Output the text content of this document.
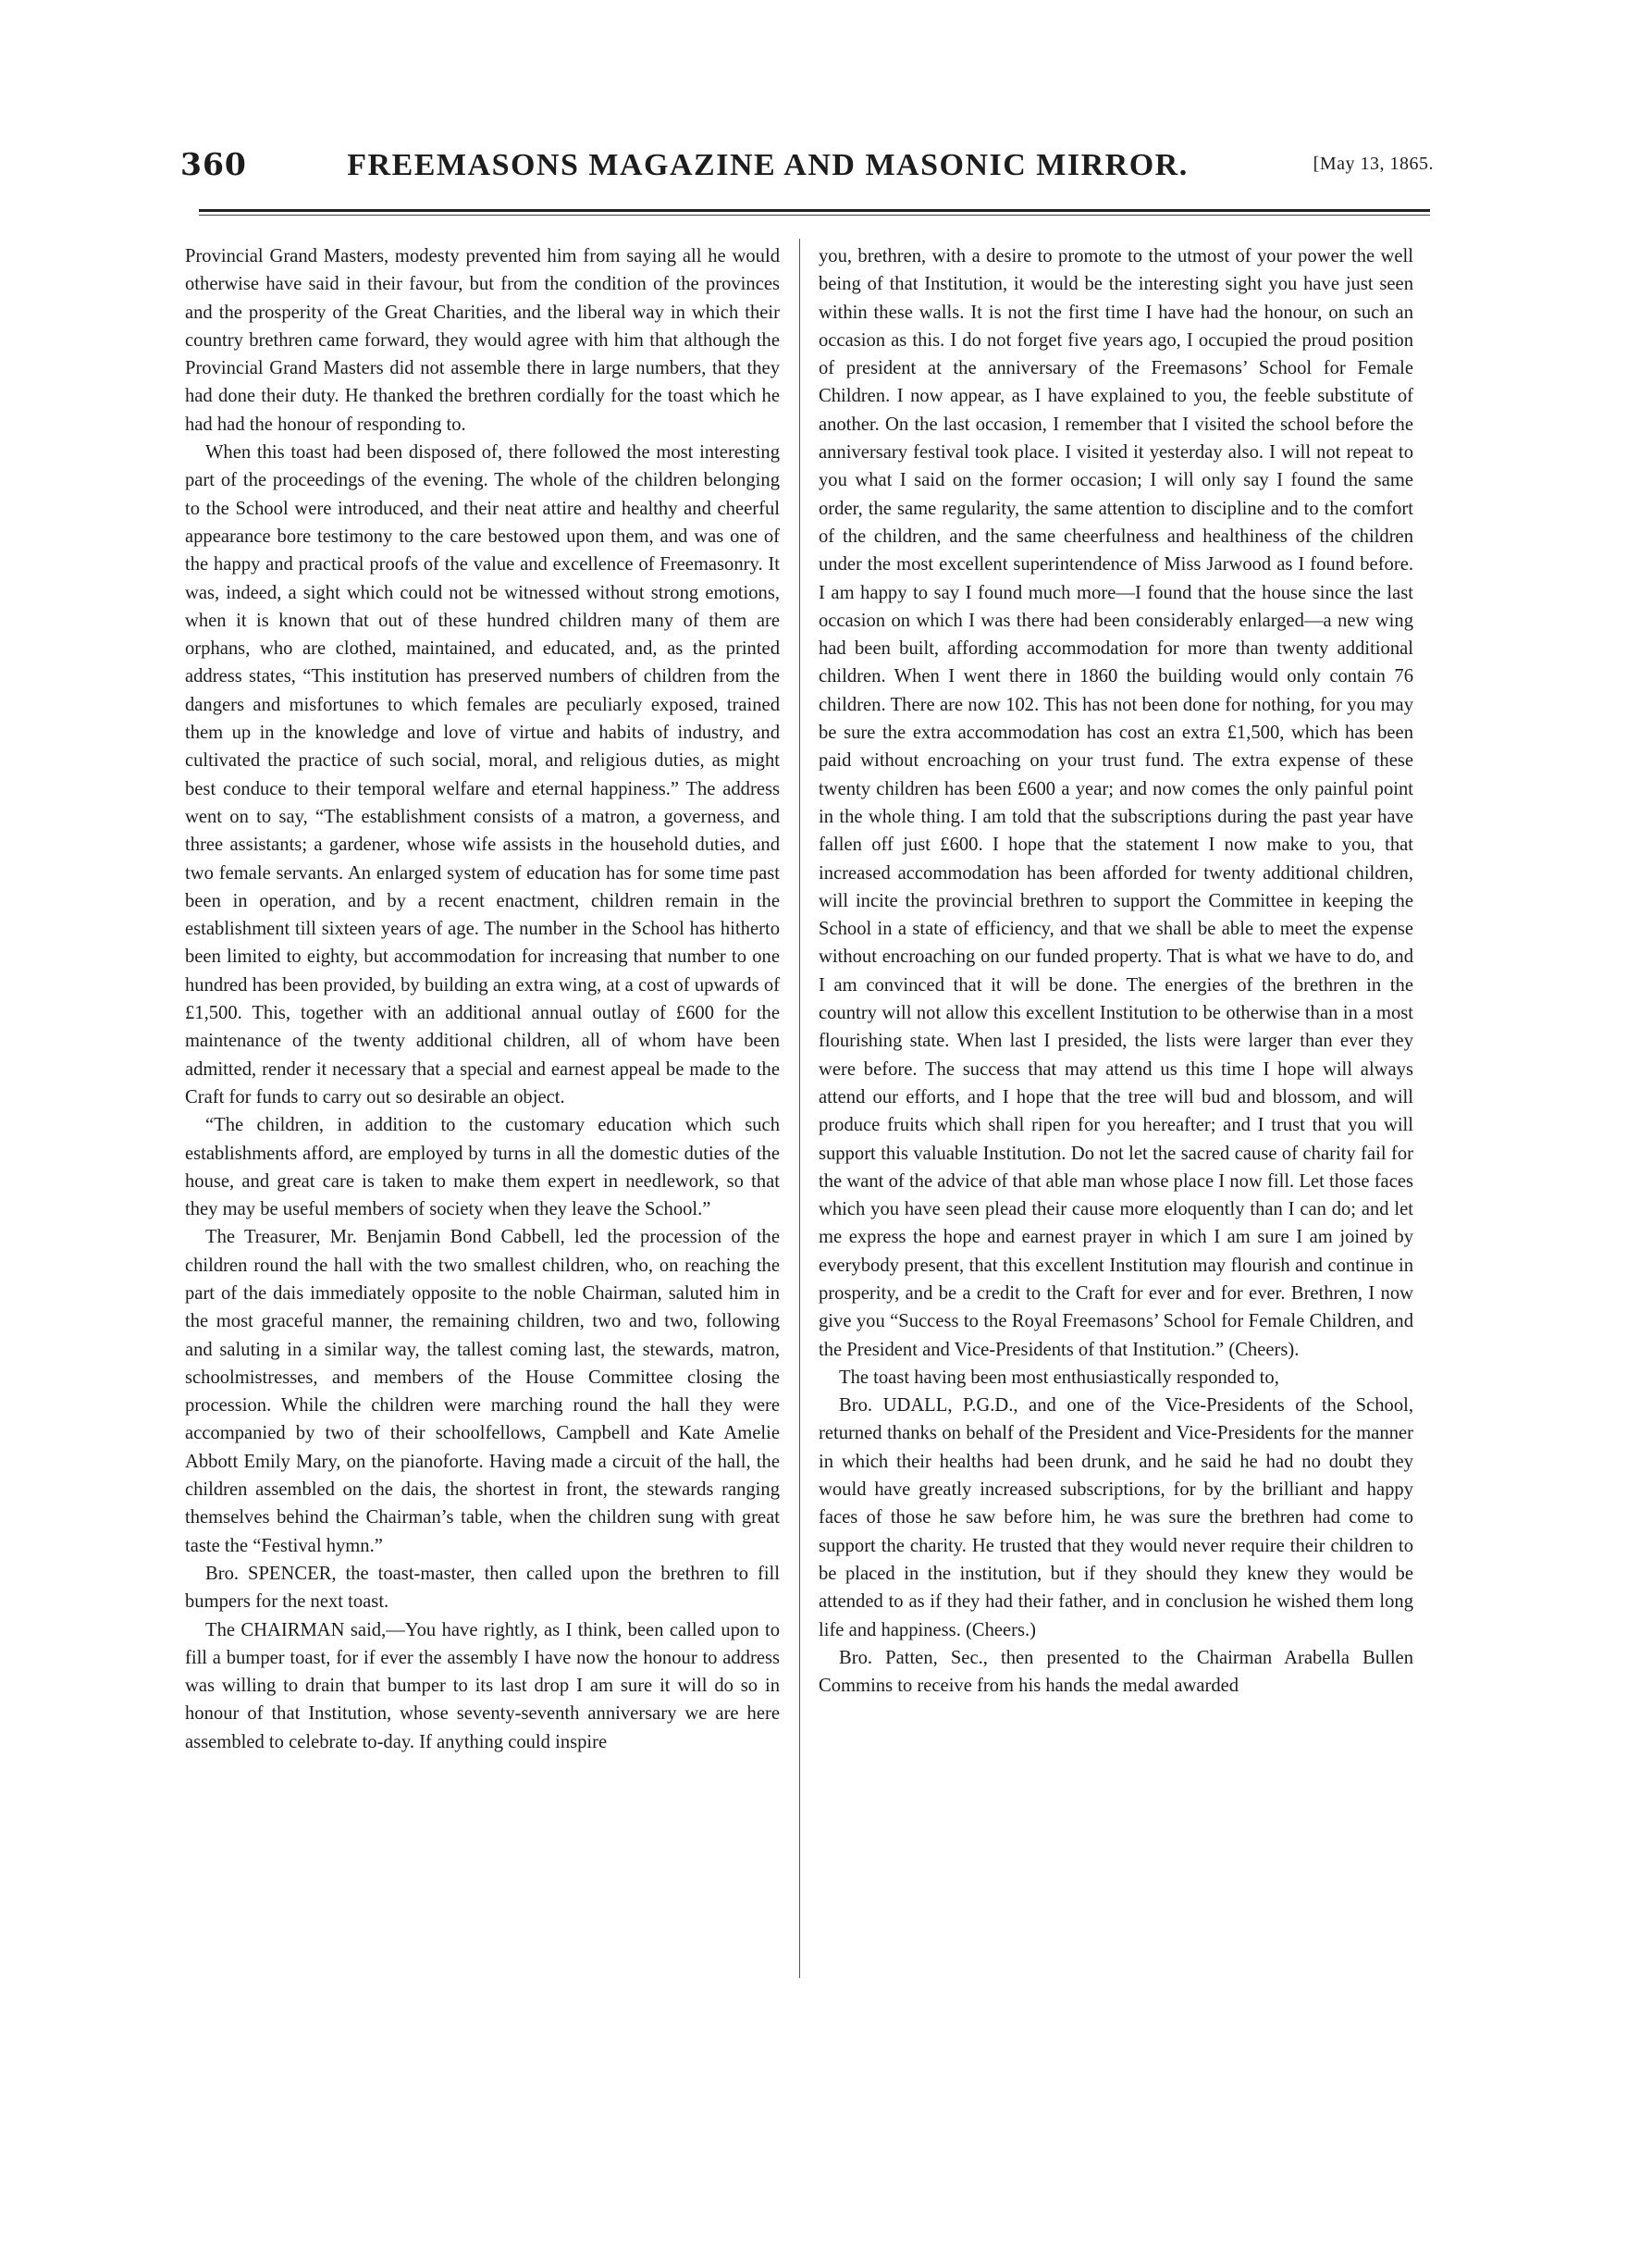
360	FREEMASONS MAGAZINE AND MASONIC MIRROR.	[May 13, 1865.

Provincial Grand Masters, modesty prevented him from saying all he would otherwise have said in their favour, but from the condition of the provinces and the prosperity of the Great Charities, and the liberal way in which their country brethren came forward, they would agree with him that although the Provincial Grand Masters did not assemble there in large numbers, that they had done their duty. He thanked the brethren cordially for the toast which he had had the honour of responding to.

When this toast had been disposed of, there followed the most interesting part of the proceedings of the evening. The whole of the children belonging to the School were introduced, and their neat attire and healthy and cheerful appearance bore testimony to the care bestowed upon them, and was one of the happy and practical proofs of the value and excellence of Freemasonry. It was, indeed, a sight which could not be witnessed without strong emotions, when it is known that out of these hundred children many of them are orphans, who are clothed, maintained, and educated, and, as the printed address states, “This institution has preserved numbers of children from the dangers and misfortunes to which females are peculiarly exposed, trained them up in the knowledge and love of virtue and habits of industry, and cultivated the practice of such social, moral, and religious duties, as might best conduce to their temporal welfare and eternal happiness.” The address went on to say, “The establishment consists of a matron, a governess, and three assistants; a gardener, whose wife assists in the household duties, and two female servants. An enlarged system of education has for some time past been in operation, and by a recent enactment, children remain in the establishment till sixteen years of age. The number in the School has hitherto been limited to eighty, but accommodation for increasing that number to one hundred has been provided, by building an extra wing, at a cost of upwards of £1,500. This, together with an additional annual outlay of £600 for the maintenance of the twenty additional children, all of whom have been admitted, render it necessary that a special and earnest appeal be made to the Craft for funds to carry out so desirable an object.

“The children, in addition to the customary education which such establishments afford, are employed by turns in all the domestic duties of the house, and great care is taken to make them expert in needlework, so that they may be useful members of society when they leave the School.”

The Treasurer, Mr. Benjamin Bond Cabbell, led the procession of the children round the hall with the two smallest children, who, on reaching the part of the dais immediately opposite to the noble Chairman, saluted him in the most graceful manner, the remaining children, two and two, following and saluting in a similar way, the tallest coming last, the stewards, matron, schoolmistresses, and members of the House Committee closing the procession. While the children were marching round the hall they were accompanied by two of their schoolfellows, Campbell and Kate Amelie Abbott Emily Mary, on the pianoforte. Having made a circuit of the hall, the children assembled on the dais, the shortest in front, the stewards ranging themselves behind the Chairman’s table, when the children sung with great taste the “Festival hymn.”

Bro. SPENCER, the toast-master, then called upon the brethren to fill bumpers for the next toast.

The CHAIRMAN said,—You have rightly, as I think, been called upon to fill a bumper toast, for if ever the assembly I have now the honour to address was willing to drain that bumper to its last drop I am sure it will do so in honour of that Institution, whose seventy-seventh anniversary we are here assembled to celebrate to-day. If anything could inspire

you, brethren, with a desire to promote to the utmost of your power the well being of that Institution, it would be the interesting sight you have just seen within these walls. It is not the first time I have had the honour, on such an occasion as this. I do not forget five years ago, I occupied the proud position of president at the anniversary of the Freemasons’ School for Female Children. I now appear, as I have explained to you, the feeble substitute of another. On the last occasion, I remember that I visited the school before the anniversary festival took place. I visited it yesterday also. I will not repeat to you what I said on the former occasion; I will only say I found the same order, the same regularity, the same attention to discipline and to the comfort of the children, and the same cheerfulness and healthiness of the children under the most excellent superintendence of Miss Jarwood as I found before. I am happy to say I found much more—I found that the house since the last occasion on which I was there had been considerably enlarged—a new wing had been built, affording accommodation for more than twenty additional children. When I went there in 1860 the building would only contain 76 children. There are now 102. This has not been done for nothing, for you may be sure the extra accommodation has cost an extra £1,500, which has been paid without encroaching on your trust fund. The extra expense of these twenty children has been £600 a year; and now comes the only painful point in the whole thing. I am told that the subscriptions during the past year have fallen off just £600. I hope that the statement I now make to you, that increased accommodation has been afforded for twenty additional children, will incite the provincial brethren to support the Committee in keeping the School in a state of efficiency, and that we shall be able to meet the expense without encroaching on our funded property. That is what we have to do, and I am convinced that it will be done. The energies of the brethren in the country will not allow this excellent Institution to be otherwise than in a most flourishing state. When last I presided, the lists were larger than ever they were before. The success that may attend us this time I hope will always attend our efforts, and I hope that the tree will bud and blossom, and will produce fruits which shall ripen for you hereafter; and I trust that you will support this valuable Institution. Do not let the sacred cause of charity fail for the want of the advice of that able man whose place I now fill. Let those faces which you have seen plead their cause more eloquently than I can do; and let me express the hope and earnest prayer in which I am sure I am joined by everybody present, that this excellent Institution may flourish and continue in prosperity, and be a credit to the Craft for ever and for ever. Brethren, I now give you “Success to the Royal Freemasons’ School for Female Children, and the President and Vice-Presidents of that Institution.” (Cheers).

The toast having been most enthusiastically responded to,

Bro. UDALL, P.G.D., and one of the Vice-Presidents of the School, returned thanks on behalf of the President and Vice-Presidents for the manner in which their healths had been drunk, and he said he had no doubt they would have greatly increased subscriptions, for by the brilliant and happy faces of those he saw before him, he was sure the brethren had come to support the charity. He trusted that they would never require their children to be placed in the institution, but if they should they knew they would be attended to as if they had their father, and in conclusion he wished them long life and happiness. (Cheers.)

Bro. Patten, Sec., then presented to the Chairman Arabella Bullen Commins to receive from his hands the medal awarded
